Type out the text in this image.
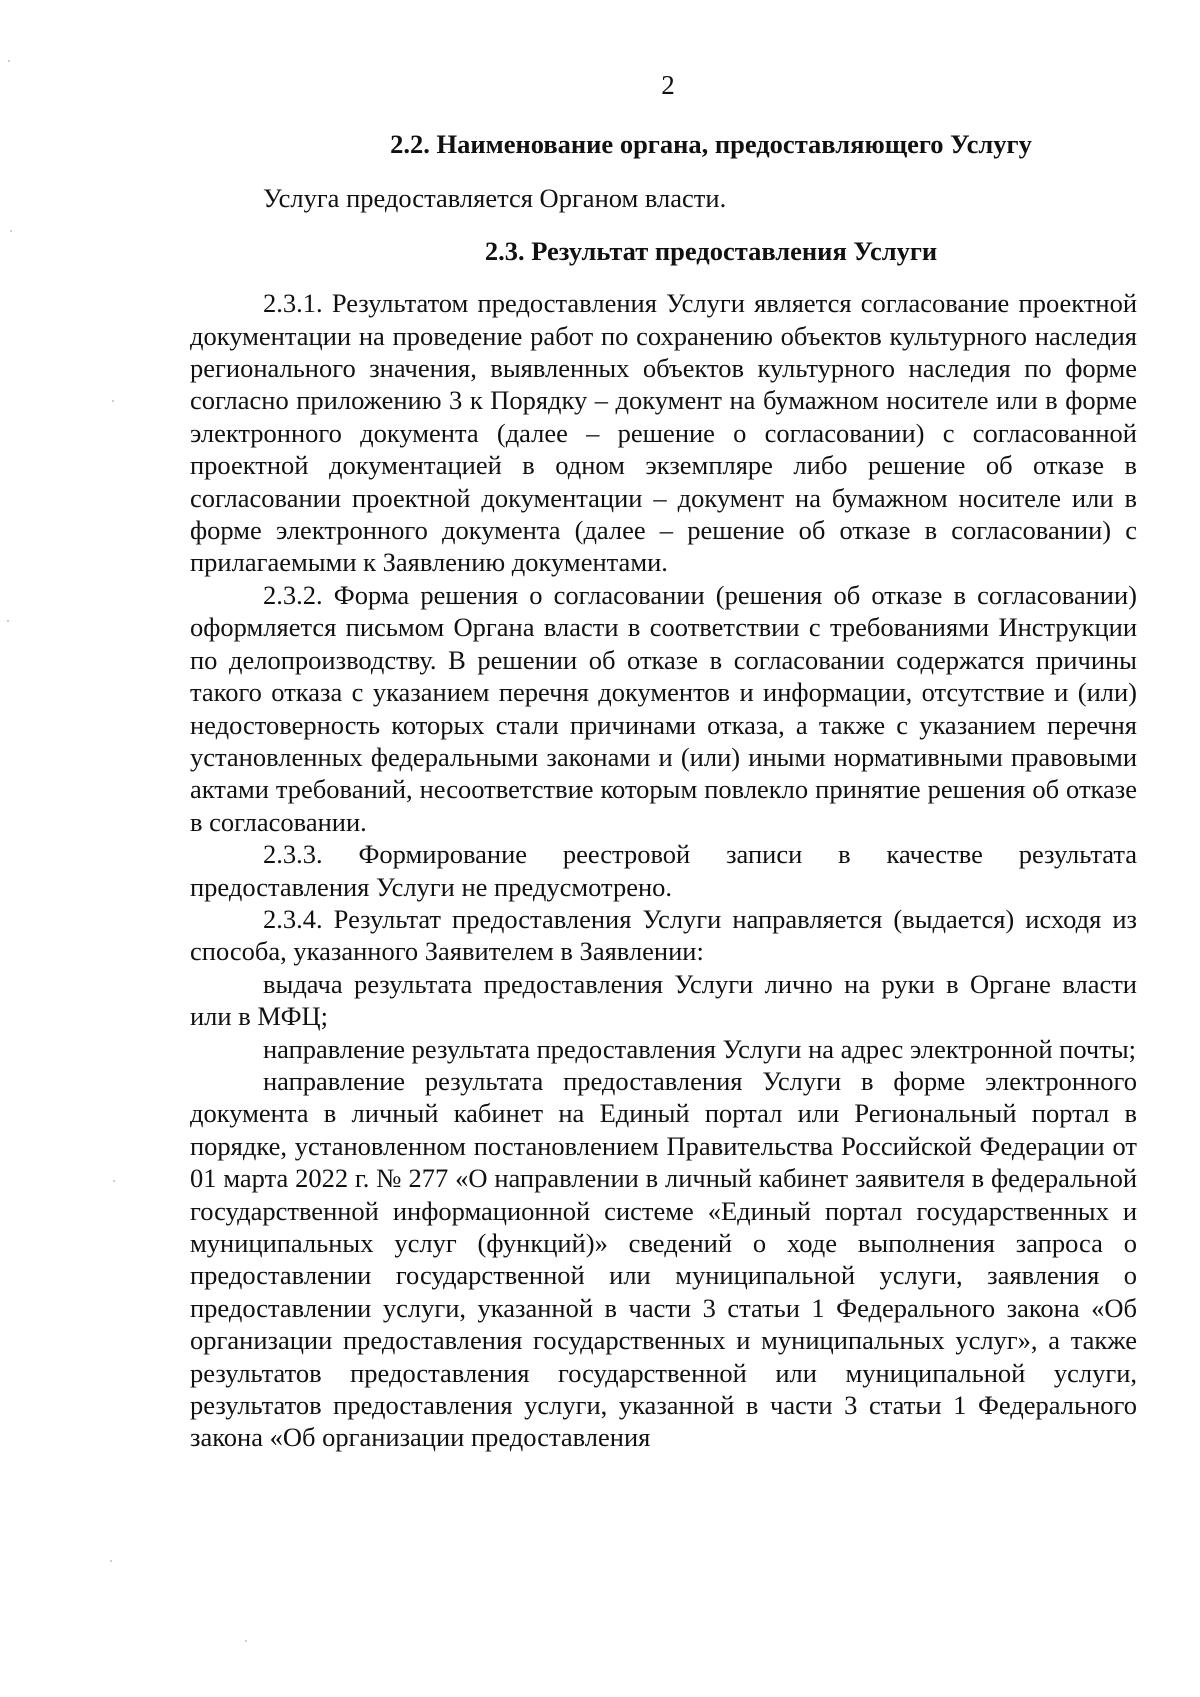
2

2.2. Наименование органа, предоставляющего Услугу

Услуга предоставляется Органом власти.

2.3. Результат предоставления Услуги

2.3.1. Результатом предоставления Услуги является согласование проектной документации на проведение работ по сохранению объектов культурного наследия регионального значения, выявленных объектов культурного наследия по форме согласно приложению 3 к Порядку – документ на бумажном носителе или в форме электронного документа (далее – решение о согласовании) с согласованной проектной документацией в одном экземпляре либо решение об отказе в согласовании проектной документации – документ на бумажном носителе или в форме электронного документа (далее – решение об отказе в согласовании) с прилагаемыми к Заявлению документами.

2.3.2. Форма решения о согласовании (решения об отказе в согласовании) оформляется письмом Органа власти в соответствии с требованиями Инструкции по делопроизводству. В решении об отказе в согласовании содержатся причины такого отказа с указанием перечня документов и информации, отсутствие и (или) недостоверность которых стали причинами отказа, а также с указанием перечня установленных федеральными законами и (или) иными нормативными правовыми актами требований, несоответствие которым повлекло принятие решения об отказе в согласовании.

2.3.3. Формирование реестровой записи в качестве результата предоставления Услуги не предусмотрено.

2.3.4. Результат предоставления Услуги направляется (выдается) исходя из способа, указанного Заявителем в Заявлении:

выдача результата предоставления Услуги лично на руки в Органе власти или в МФЦ;

направление результата предоставления Услуги на адрес электронной почты;

направление результата предоставления Услуги в форме электронного документа в личный кабинет на Единый портал или Региональный портал в порядке, установленном постановлением Правительства Российской Федерации от 01 марта 2022 г. № 277 «О направлении в личный кабинет заявителя в федеральной государственной информационной системе «Единый портал государственных и муниципальных услуг (функций)» сведений о ходе выполнения запроса о предоставлении государственной или муниципальной услуги, заявления о предоставлении услуги, указанной в части 3 статьи 1 Федерального закона «Об организации предоставления государственных и муниципальных услуг», а также результатов предоставления государственной или муниципальной услуги, результатов предоставления услуги, указанной в части 3 статьи 1 Федерального закона «Об организации предоставления
